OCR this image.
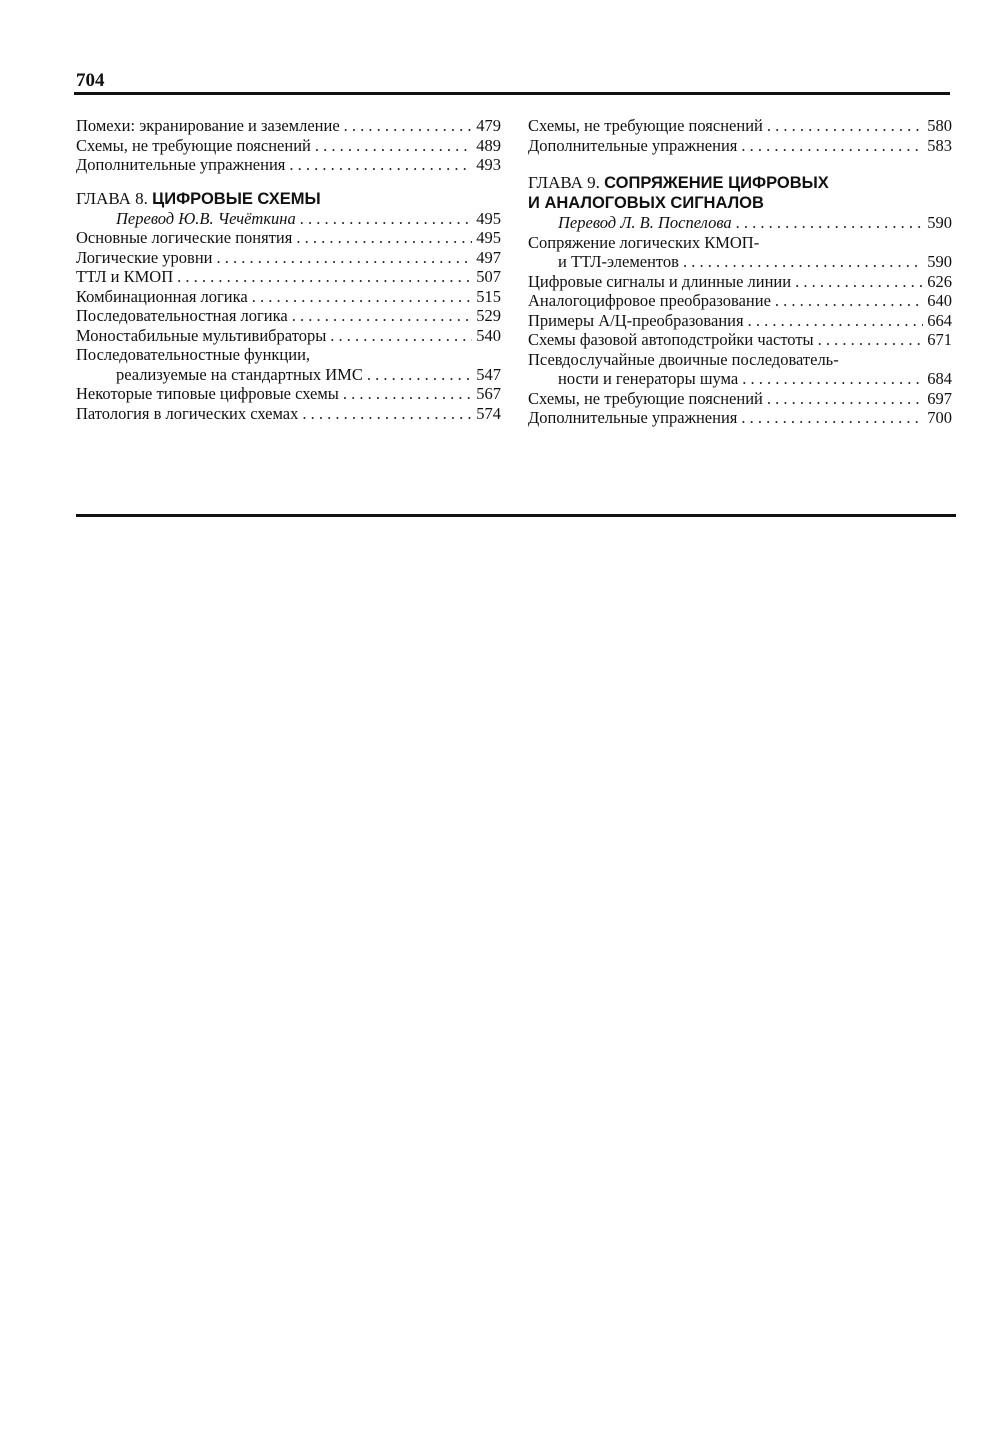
704
Помехи: экранирование и заземление . . .	479
Схемы, не требующие пояснений . . .	489
Дополнительные упражнения . . .	493
ГЛАВА 8. ЦИФРОВЫЕ СХЕМЫ
Перевод Ю.В. Чечёткина . . .	495
Основные логические понятия . . .	495
Логические уровни . . .	497
ТТЛ и КМОП . . .	507
Комбинационная логика . . .	515
Последовательностная логика . . .	529
Моностабильные мультивибраторы . . .	540
Последовательностные функции,
реализуемые на стандартных ИМС . . .	547
Некоторые типовые цифровые схемы . . .	567
Патология в логических схемах . . .	574
Схемы, не требующие пояснений . . .	580
Дополнительные упражнения . . .	583
ГЛАВА 9. СОПРЯЖЕНИЕ ЦИФРОВЫХ
И АНАЛОГОВЫХ СИГНАЛОВ
Перевод Л. В. Поспелова . . .	590
Сопряжение логических КМОП-
и ТТЛ-элементов . . .	590
Цифровые сигналы и длинные линии . . .	626
Аналогоцифровое преобразование . . .	640
Примеры А/Ц-преобразования . . .	664
Схемы фазовой автоподстройки частоты . . .	671
Псевдослучайные двоичные последователь-
ности и генераторы шума . . .	684
Схемы, не требующие пояснений . . .	697
Дополнительные упражнения . . .	700
